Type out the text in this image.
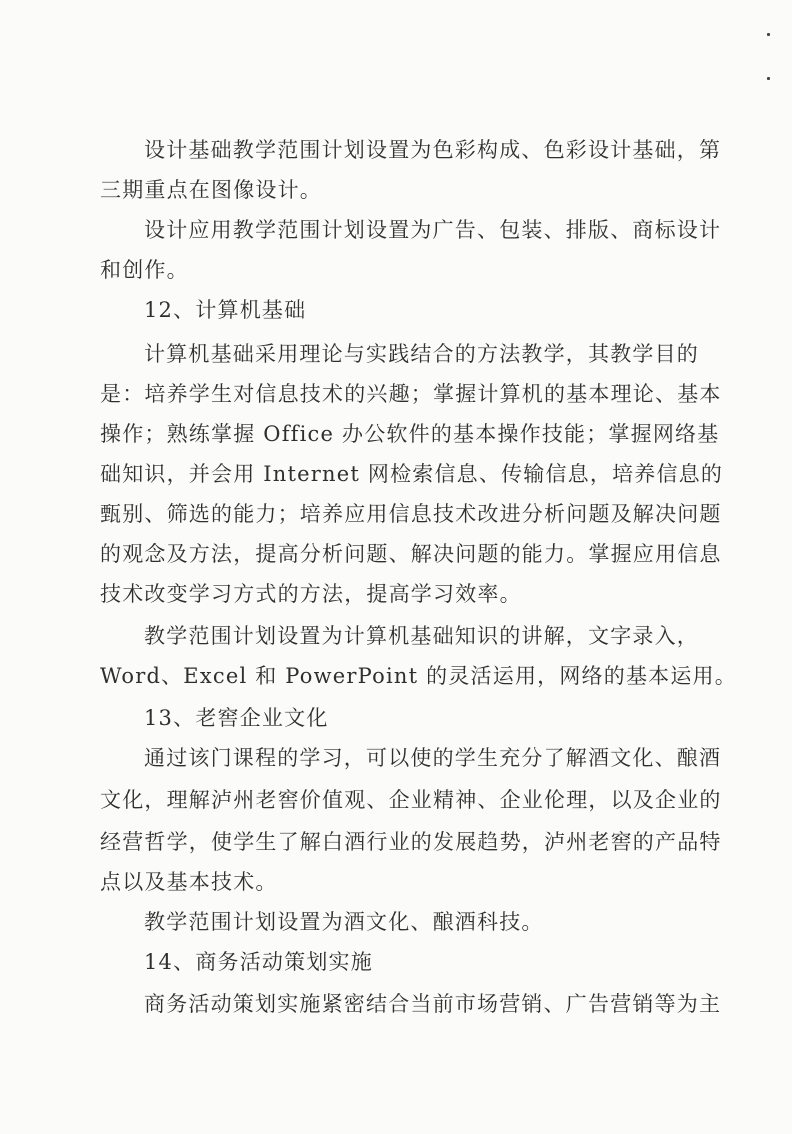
设计基础教学范围计划设置为色彩构成、色彩设计基础，第
三期重点在图像设计。
设计应用教学范围计划设置为广告、包装、排版、商标设计
和创作。
12、计算机基础
计算机基础采用理论与实践结合的方法教学，其教学目的
是：培养学生对信息技术的兴趣；掌握计算机的基本理论、基本
操作；熟练掌握 Office 办公软件的基本操作技能；掌握网络基
础知识，并会用 Internet 网检索信息、传输信息，培养信息的
甄别、筛选的能力；培养应用信息技术改进分析问题及解决问题
的观念及方法，提高分析问题、解决问题的能力。掌握应用信息
技术改变学习方式的方法，提高学习效率。
教学范围计划设置为计算机基础知识的讲解，文字录入，
Word、Excel 和 PowerPoint 的灵活运用，网络的基本运用。
13、老窖企业文化
通过该门课程的学习，可以使的学生充分了解酒文化、酿酒
文化，理解泸州老窖价值观、企业精神、企业伦理，以及企业的
经营哲学，使学生了解白酒行业的发展趋势，泸州老窖的产品特
点以及基本技术。
教学范围计划设置为酒文化、酿酒科技。
14、商务活动策划实施
商务活动策划实施紧密结合当前市场营销、广告营销等为主
